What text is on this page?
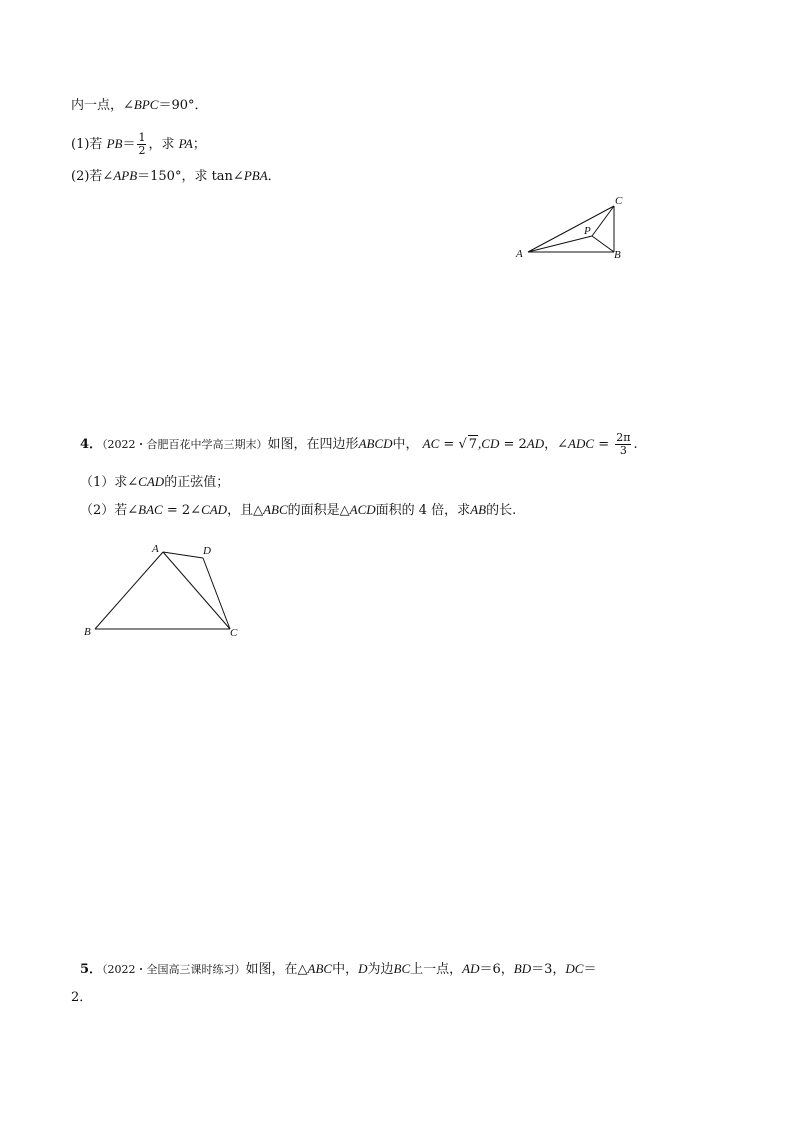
内一点，∠BPC＝90°．
(1)若 $PB= \frac{1}{2}$ ，求 PA；
(2)若∠APB＝150°，求 tan∠PBA．
A	B
C
P
4．（2022・合肥百花中学高三期末）如图，在四边形ABCD中， AC = √ 7,CD = 2AD，∠ADC = $\frac{2\pi}{3}$ .
（1）求∠CAD的正弦值；
（2）若∠BAC = 2∠CAD，且△ABC的面积是△ACD面积的 4 倍，求AB的长.
A
B	C
D
5．（2022・全国高三课时练习）如图，在△ABC中，D为边BC上一点，AD＝6，BD＝3，DC＝
2．
